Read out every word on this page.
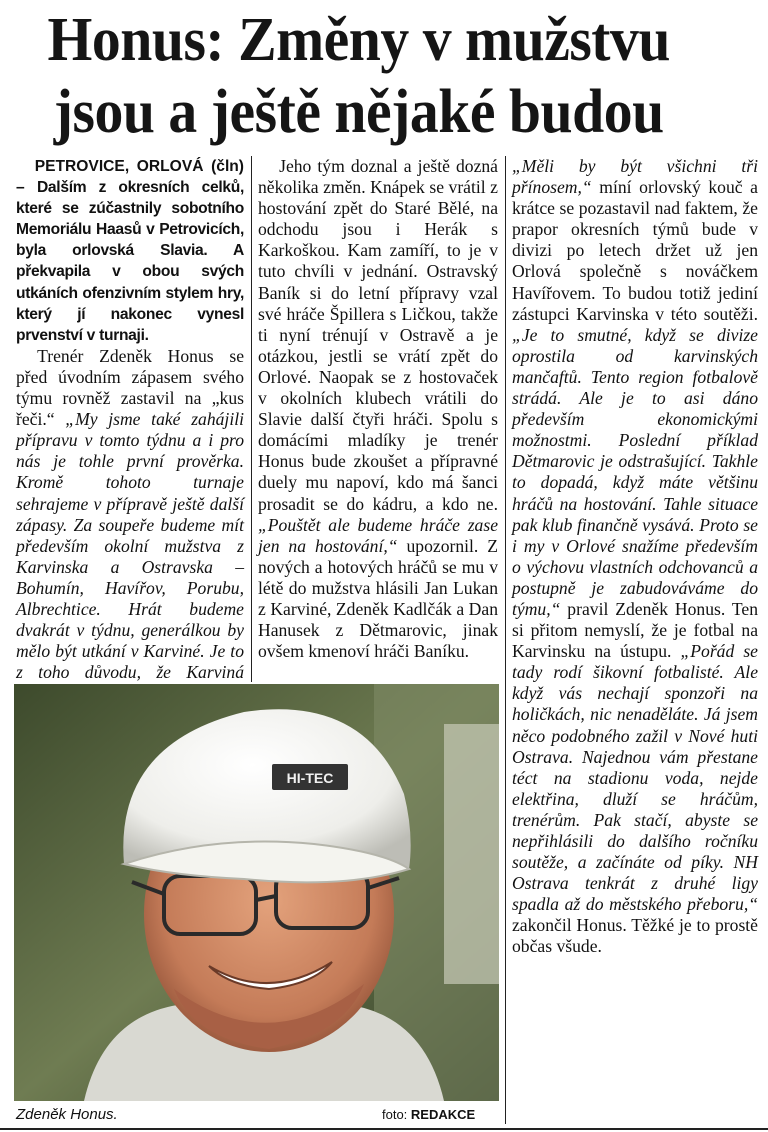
Honus: Změny v mužstvu
jsou a ještě nějaké budou

PETROVICE, ORLOVÁ (čln) – Dalším z okresních celků, které se zúčastnily sobotního Memoriálu Haasů v Petrovicích, byla orlovská Slavia. A překvapila v obou svých utkáních ofenzivním stylem hry, který jí nakonec vynesl prvenství v turnaji.

Trenér Zdeněk Honus se před úvodním zápasem svého týmu rovněž zastavil na „kus řeči.“ „My jsme také zahájili přípravu v tomto týdnu a i pro nás je tohle první prověrka. Kromě tohoto turnaje sehrajeme v přípravě ještě další zápasy. Za soupeře budeme mít především okolní mužstva z Karvinska a Ostravska – Bohumín, Havířov, Porubu, Albrechtice. Hrát budeme dvakrát v týdnu, generálkou by mělo být utkání v Karviné. Je to z toho důvodu, že Karviná

Jeho tým doznal a ještě dozná několika změn. Knápek se vrátil z hostování zpět do Staré Bělé, na odchodu jsou i Herák s Karkoškou. Kam zamíří, to je v tuto chvíli v jednání. Ostravský Baník si do letní přípravy vzal své hráče Špillera s Ličkou, takže ti nyní trénují v Ostravě a je otázkou, jestli se vrátí zpět do Orlové. Naopak se z hostovaček v okolních klubech vrátili do Slavie další čtyři hráči. Spolu s domácími mladíky je trenér Honus bude zkoušet a přípravné duely mu napoví, kdo má šanci prosadit se do kádru, a kdo ne. „Pouštět ale budeme hráče zase jen na hostování,“ upozornil. Z nových a hotových hráčů se mu v létě do mužstva hlásili Jan Lukan z Karviné, Zdeněk Kadlčák a Dan Hanusek z Dětmarovic, jinak ovšem kmenoví hráči Baníku.

„Měli by být všichni tři přínosem,“ míní orlovský kouč a krátce se pozastavil nad faktem, že prapor okresních týmů bude v divizi po letech držet už jen Orlová společně s nováčkem Havířovem. To budou totiž jediní zástupci Karvinska v této soutěži. „Je to smutné, když se divize oprostila od karvinských mančaftů. Tento region fotbalově strádá. Ale je to asi dáno především ekonomickými možnostmi. Poslední příklad Dětmarovic je odstrašující. Takhle to dopadá, když máte většinu hráčů na hostování. Tahle situace pak klub finančně vysává. Proto se i my v Orlové snažíme především o výchovu vlastních odchovanců a postupně je zabudováváme do týmu,“ pravil Zdeněk Honus. Ten si přitom nemyslí, že je fotbal na Karvinsku na ústupu. „Pořád se tady rodí šikovní fotbalisté. Ale když vás nechají sponzoři na holičkách, nic nenaděláte. Já jsem něco podobného zažil v Nové huti Ostrava. Najednou vám přestane téct na stadionu voda, nejde elektřina, dluží se hráčům, trenérům. Pak stačí, abyste se nepřihlásili do dalšího ročníku soutěže, a začínáte od píky. NH Ostrava tenkrát z druhé ligy spadla až do městského přeboru,“ zakončil Honus. Těžké je to prostě občas všude.

HI-TEC
Zdeněk Honus.	foto: REDAKCE
